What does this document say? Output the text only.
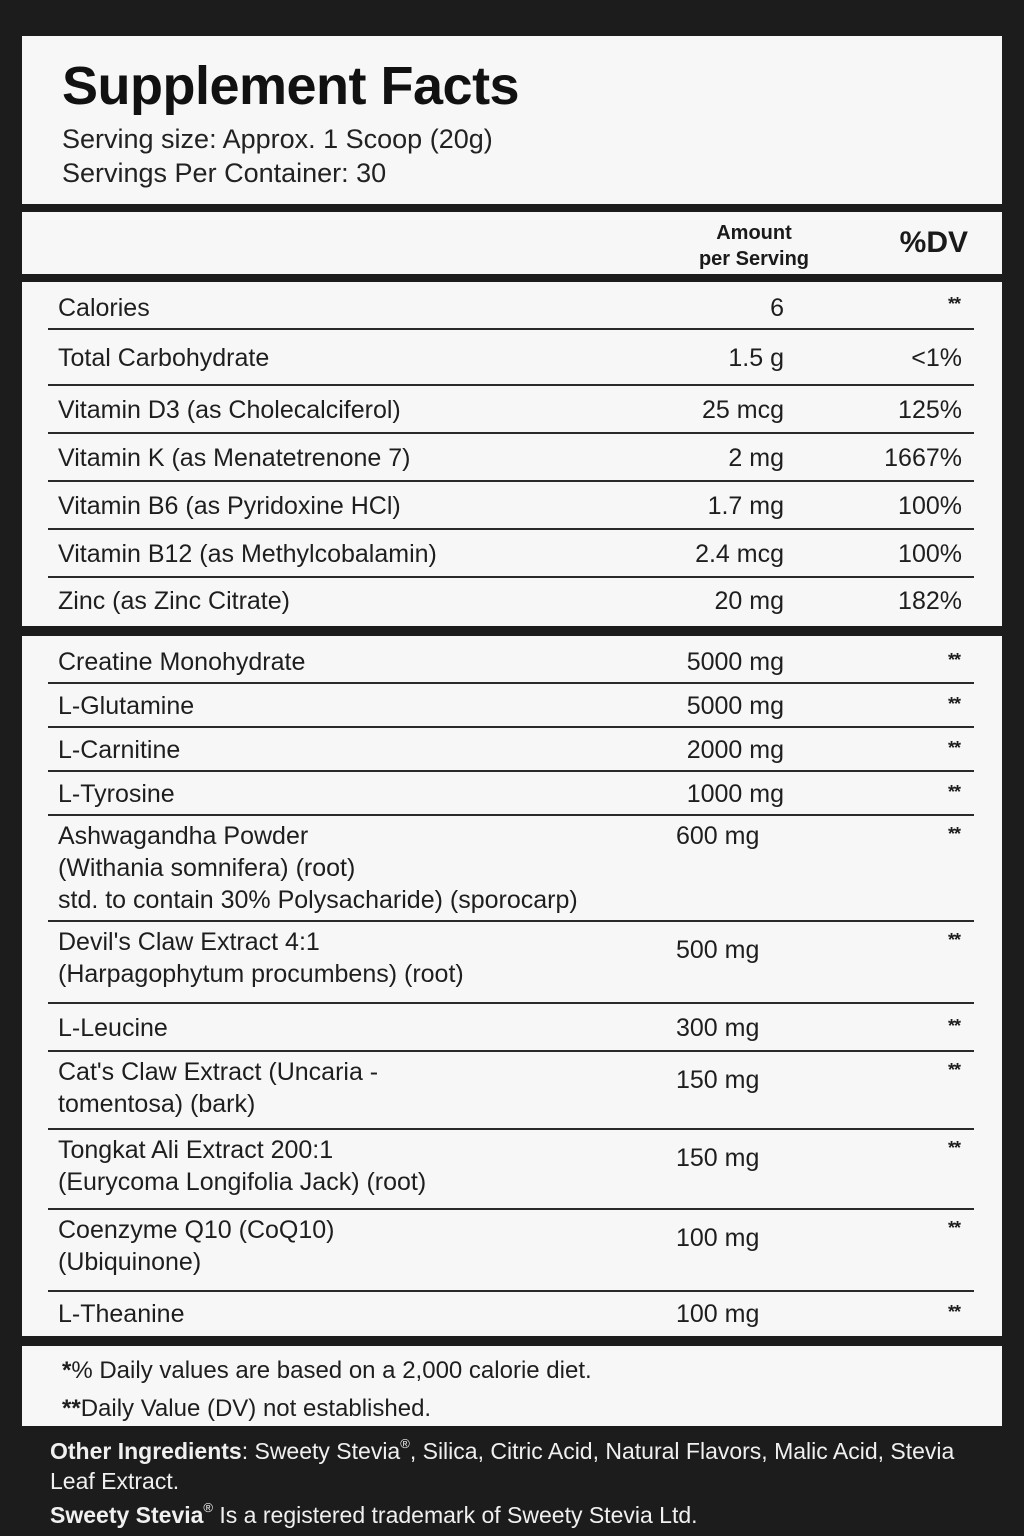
Supplement Facts
Serving size: Approx. 1 Scoop (20g)
Servings Per Container: 30
Amount
per Serving	%DV
Calories	6	**
Total Carbohydrate	1.5 g	<1%
Vitamin D3 (as Cholecalciferol)	25 mcg	125%
Vitamin K (as Menatetrenone 7)	2 mg	1667%
Vitamin B6 (as Pyridoxine HCl)	1.7 mg	100%
Vitamin B12 (as Methylcobalamin)	2.4 mcg	100%
Zinc (as Zinc Citrate)	20 mg	182%
Creatine Monohydrate	5000 mg	**
L-Glutamine	5000 mg	**
L-Carnitine	2000 mg	**
L-Tyrosine	1000 mg	**
Ashwagandha Powder
(Withania somnifera) (root)
std. to contain 30% Polysacharide) (sporocarp)
600 mg	**
Devil's Claw Extract 4:1
(Harpagophytum procumbens) (root)
500 mg	**
L-Leucine	300 mg	**
Cat's Claw Extract (Uncaria -
tomentosa) (bark)
150 mg	**
Tongkat Ali Extract 200:1
(Eurycoma Longifolia Jack) (root)
150 mg	**
Coenzyme Q10 (CoQ10)
(Ubiquinone)
100 mg	**
L-Theanine	100 mg	**
*% Daily values are based on a 2,000 calorie diet.
**Daily Value (DV) not established.
Other Ingredients: Sweety Stevia®, Silica, Citric Acid, Natural Flavors, Malic Acid, Stevia Leaf Extract.
Sweety Stevia® Is a registered trademark of Sweety Stevia Ltd.
